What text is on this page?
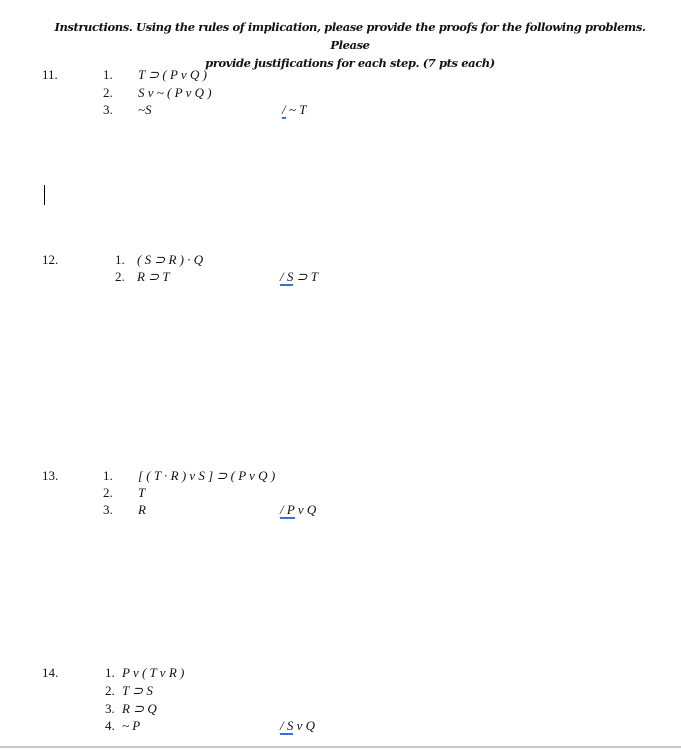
Instructions. Using the rules of implication, please provide the proofs for the following problems. Please
provide justifications for each step. (7 pts each)
11.	1. T ⊃ ( P v Q )
2. S v ~ ( P v Q )
3. ~S	/ ~ T
12.	1. ( S ⊃ R ) · Q
2. R ⊃ T	/ S ⊃ T
13.	1. [ ( T · R ) v S ] ⊃ ( P v Q )
2. T
3. R	/ P v Q
14.	1. P v ( T v R )
2. T ⊃ S
3. R ⊃ Q
4. ~ P	/ S v Q
